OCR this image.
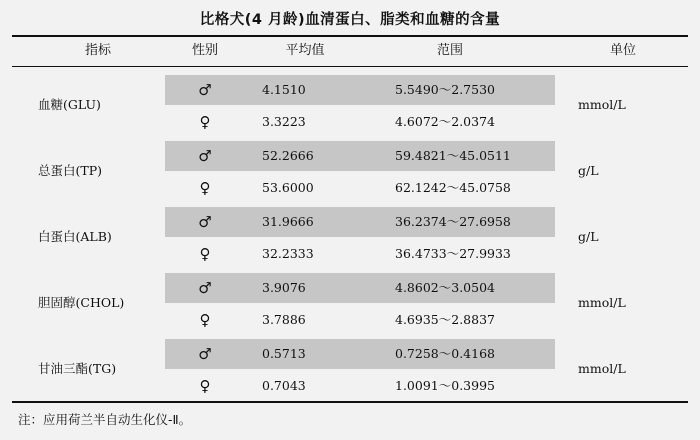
比格犬(4 月龄)血清蛋白、脂类和血糖的含量
指标	性别	平均值	范围	单位
血糖(GLU)	mmol/L
♂	4.1510	5.5490～2.7530
♀	3.3223	4.6072～2.0374
总蛋白(TP)	g/L
♂	52.2666	59.4821～45.0511
♀	53.6000	62.1242～45.0758
白蛋白(ALB)	g/L
♂	31.9666	36.2374～27.6958
♀	32.2333	36.4733～27.9933
胆固醇(CHOL)	mmol/L
♂	3.9076	4.8602～3.0504
♀	3.7886	4.6935～2.8837
甘油三酯(TG)	mmol/L
♂	0.5713	0.7258～0.4168
♀	0.7043	1.0091～0.3995
注：应用荷兰半自动生化仪-Ⅱ。
